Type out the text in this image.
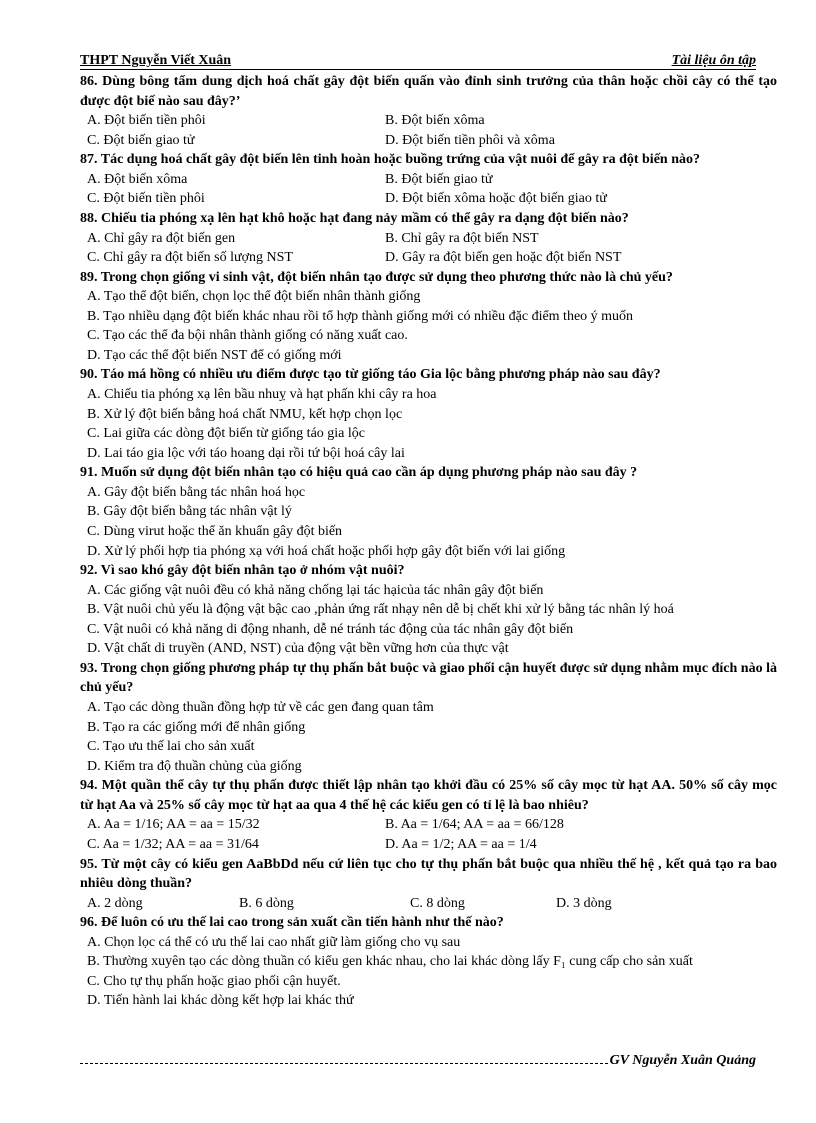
THPT Nguyễn Viết Xuân	Tài liệu ôn tập
86. Dùng bông tẩm dung dịch hoá chất gây đột biến quấn vào đỉnh sinh trưởng của thân hoặc chồi cây có thể tạo được đột biế nào sau đây?’
A. Đột biến tiền phôi	B. Đột biến xôma
C. Đột biến giao tử	D. Đột biến tiền phôi và xôma
87. Tác dụng hoá chất gây đột biến lên tinh hoàn hoặc buồng trứng của vật nuôi để gây ra đột biến nào?
A. Đột biến xôma	B. Đột biến giao tử
C. Đột biến tiền phôi	D. Đột biến xôma hoặc đột biến giao tử
88. Chiếu tia phóng xạ lên hạt khô hoặc hạt đang nảy mầm có thể gây ra dạng đột biến nào?
A. Chỉ gây ra đột biến gen	B. Chỉ gây ra đột biến NST
C. Chỉ gây ra đột biến số lượng NST	D. Gây ra đột biến gen hoặc đột biến NST
89. Trong chọn giống vi sinh vật, đột biến nhân tạo được sử dụng theo phương thức nào là chủ yếu?
A. Tạo thể đột biến, chọn lọc thể đột biến nhân thành giống
B. Tạo nhiều dạng đột biến khác nhau rồi tổ hợp thành giống mới có nhiều đặc điểm theo ý muốn
C. Tạo các thể đa bội nhân thành giống có năng xuất cao.
D. Tạo các thể đột biến NST để có giống mới
90. Táo má hồng có nhiều ưu điểm được tạo từ giống táo Gia lộc bằng phương pháp nào sau đây?
A. Chiếu tia phóng xạ lên bầu nhuỵ và hạt phấn khi cây ra hoa
B. Xử lý đột biến bằng hoá chất NMU, kết hợp chọn lọc
C. Lai giữa các dòng đột biến từ giống táo gia lộc
D. Lai táo gia lộc với táo hoang dại rồi tứ bội hoá cây lai
91. Muốn sử dụng đột biến nhân tạo có hiệu quả cao cần áp dụng phương pháp nào sau đây ?
A. Gây đột biến bằng tác nhân hoá học
B. Gây đột biến bằng tác nhân vật lý
C. Dùng virut hoặc thể ăn khuẩn gây đột biến
D. Xử lý phối hợp tia phóng xạ với hoá chất hoặc phối hợp gây đột biến với lai giống
92. Vì sao khó gây đột biến nhân tạo ở nhóm vật nuôi?
A. Các giống vật nuôi đều có khả năng chống lại tác hạicủa tác nhân gây đột biến
B. Vật nuôi chủ yếu là động vật bậc cao ,phản ứng rất nhạy nên dễ bị chết khi xử lý bằng tác nhân lý hoá
C. Vật nuôi có khả năng di động nhanh, dễ né tránh tác động của tác nhân gây đột biến
D. Vật chất di truyền (AND, NST) của động vật bền vững hơn của thực vật
93. Trong chọn giống phương pháp tự thụ phấn bắt buộc và giao phối cận huyết được sử dụng nhằm mục đích nào là chủ yếu?
A. Tạo các dòng thuần đồng hợp tử về các gen đang quan tâm
B. Tạo ra các giống mới để nhân giống
C. Tạo ưu thế lai cho sản xuất
D. Kiểm tra độ thuần chủng của giống
94. Một quần thể cây tự thụ phấn được thiết lập nhân tạo khởi đầu có 25% số cây mọc từ hạt AA. 50% số cây mọc từ hạt Aa và 25% số cây mọc từ hạt aa qua 4 thế hệ các kiểu gen có tỉ lệ là bao nhiêu?
A. Aa = 1/16; AA = aa = 15/32	B. Aa = 1/64; AA = aa = 66/128
C. Aa = 1/32; AA = aa = 31/64	D. Aa = 1/2; AA = aa = 1/4
95. Từ một cây có kiểu gen AaBbDd nếu cứ liên tục cho tự thụ phấn bắt buộc qua nhiều thế hệ , kết quả tạo ra bao nhiêu dòng thuần?
A. 2 dòng	B. 6 dòng	C. 8 dòng	D. 3 dòng
96. Để luôn có ưu thế lai cao trong sản xuất cần tiến hành như thế nào?
A. Chọn lọc cá thể có ưu thế lai cao nhất giữ làm giống cho vụ sau
B. Thường xuyên tạo các dòng thuần có kiểu gen khác nhau, cho lai khác dòng lấy F₁ cung cấp cho sản xuất
C. Cho tự thụ phấn hoặc giao phối cận huyết.
D. Tiến hành lai khác dòng kết hợp lai khác thứ
GV Nguyễn Xuân Quảng
